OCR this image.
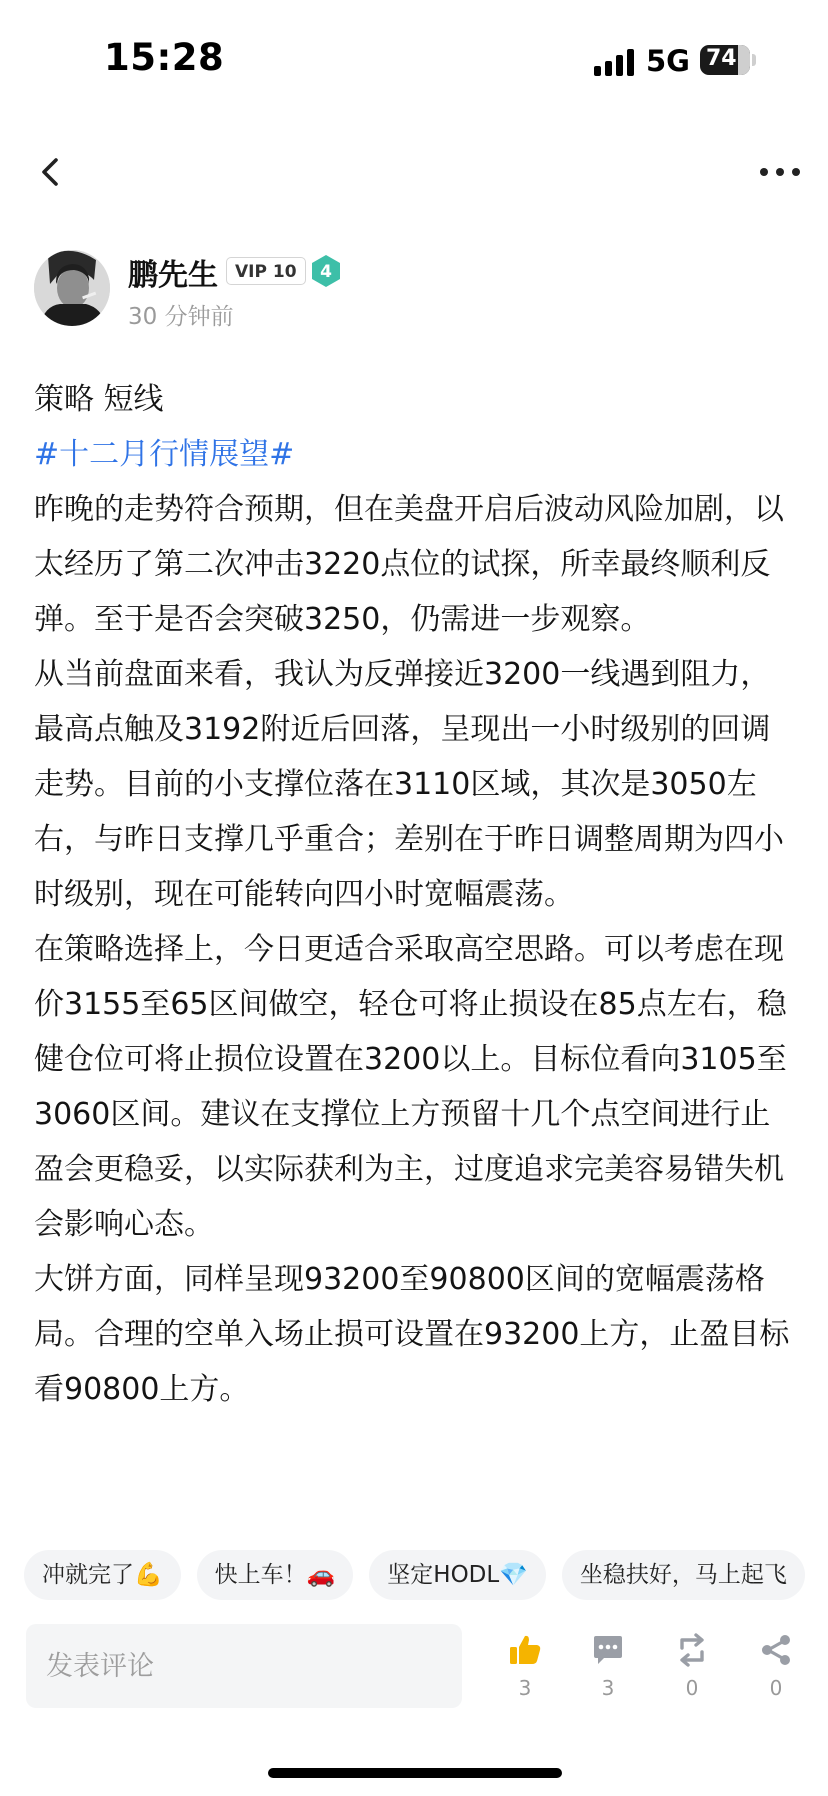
15:28	5G 74
鹏先生	VIP 10	4
30 分钟前

策略 短线

#十二月行情展望#

昨晚的走势符合预期，但在美盘开启后波动风险加剧，以太经历了第二次冲击3220点位的试探，所幸最终顺利反弹。至于是否会突破3250，仍需进一步观察。

从当前盘面来看，我认为反弹接近3200一线遇到阻力，最高点触及3192附近后回落，呈现出一小时级别的回调走势。目前的小支撑位落在3110区域，其次是3050左右，与昨日支撑几乎重合；差别在于昨日调整周期为四小时级别，现在可能转向四小时宽幅震荡。

在策略选择上，今日更适合采取高空思路。可以考虑在现价3155至65区间做空，轻仓可将止损设在85点左右，稳健仓位可将止损位设置在3200以上。目标位看向3105至3060区间。建议在支撑位上方预留十几个点空间进行止盈会更稳妥，以实际获利为主，过度追求完美容易错失机会影响心态。

大饼方面，同样呈现93200至90800区间的宽幅震荡格局。合理的空单入场止损可设置在93200上方，止盈目标看90800上方。

冲就完了💪 快上车！🚗 坚定HODL💎 坐稳扶好，马上起飞
发表评论
3	3	0	0
